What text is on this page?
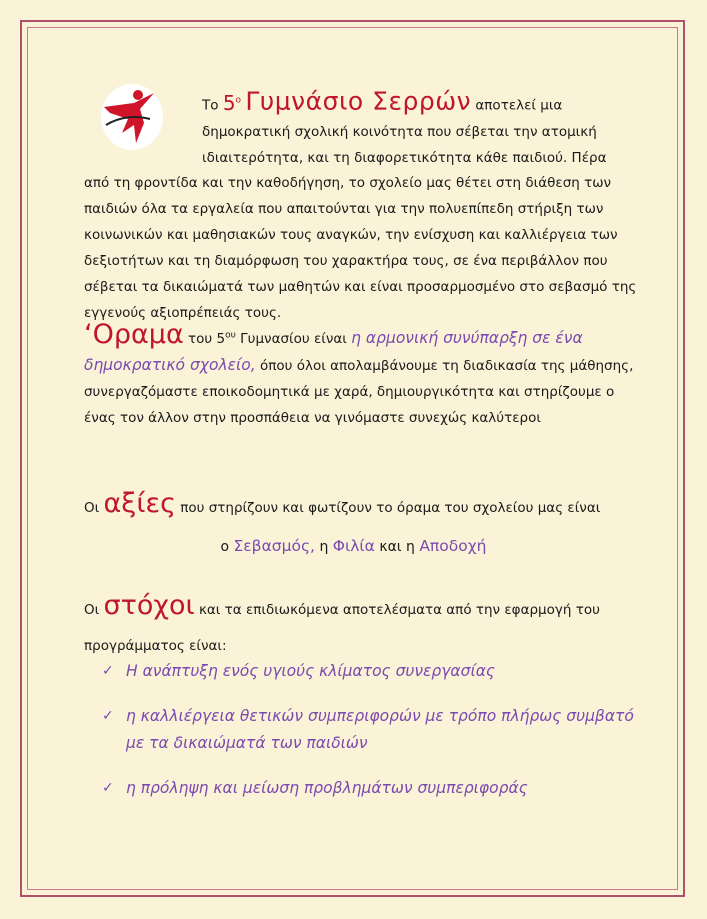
5	Το $5^o$ Γυμνάσιο Σερρών αποτελεί μια
δημοκρατική σχολική κοινότητα που σέβεται την ατομική
ιδιαιτερότητα, και τη διαφορετικότητα κάθε παιδιού. Πέρα
από τη φροντίδα και την καθοδήγηση, το σχολείο μας θέτει στη διάθεση των παιδιών όλα τα εργαλεία που απαιτούνται για την πολυεπίπεδη στήριξη των κοινωνικών και μαθησιακών τους αναγκών, την ενίσχυση και καλλιέργεια των δεξιοτήτων και τη διαμόρφωση του χαρακτήρα τους, σε ένα περιβάλλον που σέβεται τα δικαιώματά των μαθητών και είναι προσαρμοσμένο στο σεβασμό της εγγενούς αξιοπρέπειάς τους.
‘Οραμα του $5^{o\upsilon}$ Γυμνασίου είναι η αρμονική συνύπαρξη σε ένα δημοκρατικό σχολείο, όπου όλοι απολαμβάνουμε τη διαδικασία της μάθησης, συνεργαζόμαστε εποικοδομητικά με χαρά, δημιουργικότητα και στηρίζουμε ο ένας τον άλλον στην προσπάθεια να γινόμαστε συνεχώς καλύτεροι
Οι αξίες που στηρίζουν και φωτίζουν το όραμα του σχολείου μας είναι
ο Σεβασμός, η Φιλία και η Αποδοχή
Οι στόχοι και τα επιδιωκόμενα αποτελέσματα από την εφαρμογή του προγράμματος είναι:
✓ Η ανάπτυξη ενός υγιούς κλίματος συνεργασίας
✓ η καλλιέργεια θετικών συμπεριφορών με τρόπο πλήρως συμβατό με τα δικαιώματά των παιδιών
✓ η πρόληψη και μείωση προβλημάτων συμπεριφοράς
